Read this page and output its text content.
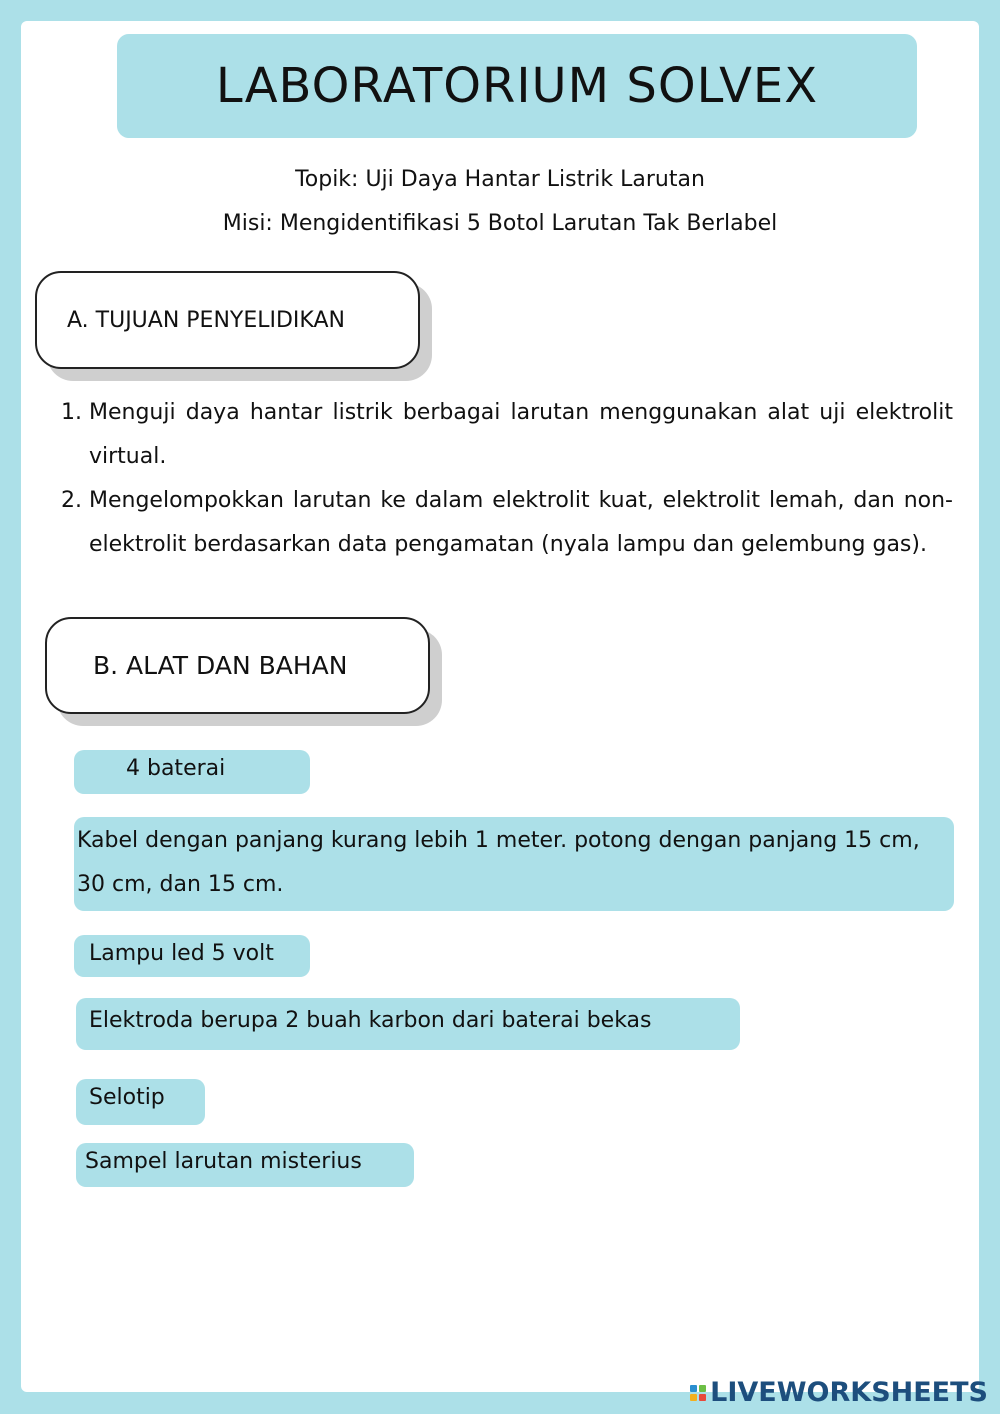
LABORATORIUM SOLVEX
Topik: Uji Daya Hantar Listrik Larutan
Misi: Mengidentifikasi 5 Botol Larutan Tak Berlabel
A. TUJUAN PENYELIDIKAN
1. Menguji daya hantar listrik berbagai larutan menggunakan alat uji elektrolit virtual.
2. Mengelompokkan larutan ke dalam elektrolit kuat, elektrolit lemah, dan non-elektrolit berdasarkan data pengamatan (nyala lampu dan gelembung gas).
B. ALAT DAN BAHAN
4 baterai
Kabel dengan panjang kurang lebih 1 meter. potong dengan panjang 15 cm, 30 cm, dan 15 cm.
Lampu led 5 volt
Elektroda berupa 2 buah karbon dari baterai bekas
Selotip
Sampel larutan misterius
LIVEWORKSHEETS
